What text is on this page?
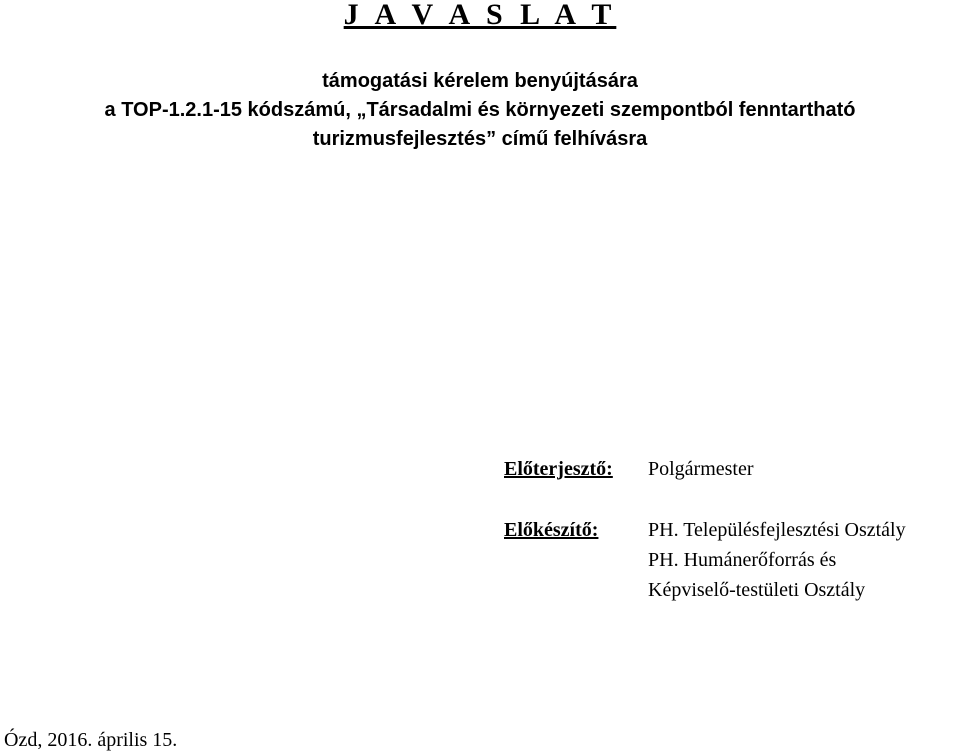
J A V A S L A T
támogatási kérelem benyújtására
a TOP-1.2.1-15 kódszámú, „Társadalmi és környezeti szempontból fenntartható
turizmusfejlesztés” című felhívásra
Előterjesztő: Polgármester
Előkészítő: PH. Településfejlesztési Osztály
PH. Humánerőforrás és
Képviselő-testületi Osztály
Ózd, 2016. április 15.
